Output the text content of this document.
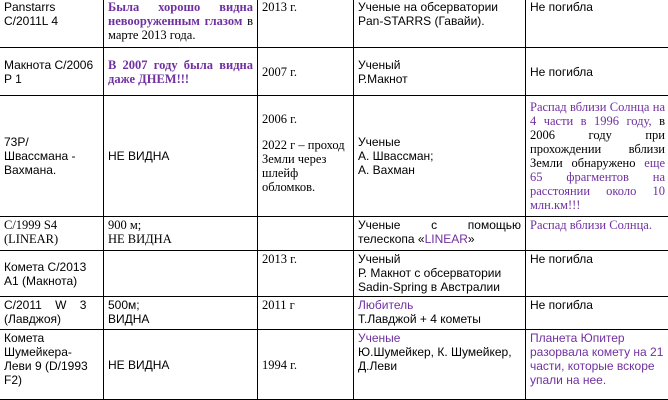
Panstarrs
C/2011L 4	Была хорошо видна невооруженным глазом в марте 2013 года.	2013 г.	Ученые на обсерватории Pan-STARRS (Гавайи).	Не погибла

Макнота C/2006
P 1	В 2007 году была видна даже ДНЕМ!!!	2007 г.	Ученый
Р.Макнот	Не погибла

73P/
Швассмана -
Вахмана.	НЕ ВИДНА	2006 г.
2022 г – проход Земли через шлейф обломков.	Ученые
А. Швассман;
А. Вахман	Распад вблизи Солнца на 4 части в 1996 году, в 2006 году при прохождении вблизи Земли обнаружено еще 65 фрагментов на расстоянии около 10 млн.км!!!

C/1999 S4
(LINEAR)	900 м;
НЕ ВИДНА		Ученые с помощью телескопа «LINEAR»	Распад вблизи Солнца.

Комета C/2013
A1 (Макнота)		2013 г.	Ученый
Р. Макнот с обсерватории Sadin-Spring в Австралии	Не погибла

C/2011 W 3
(Лавджоя)	500м;
ВИДНА	2011 г	Любитель
Т.Лавджой + 4 кометы	Не погибла

Комета
Шумейкера-
Леви 9 (D/1993
F2)	НЕ ВИДНА	1994 г.	Ученые
Ю.Шумейкер, К. Шумейкер,
Д.Леви	Планета Юпитер разорвала комету на 21 части, которые вскоре упали на нее.
